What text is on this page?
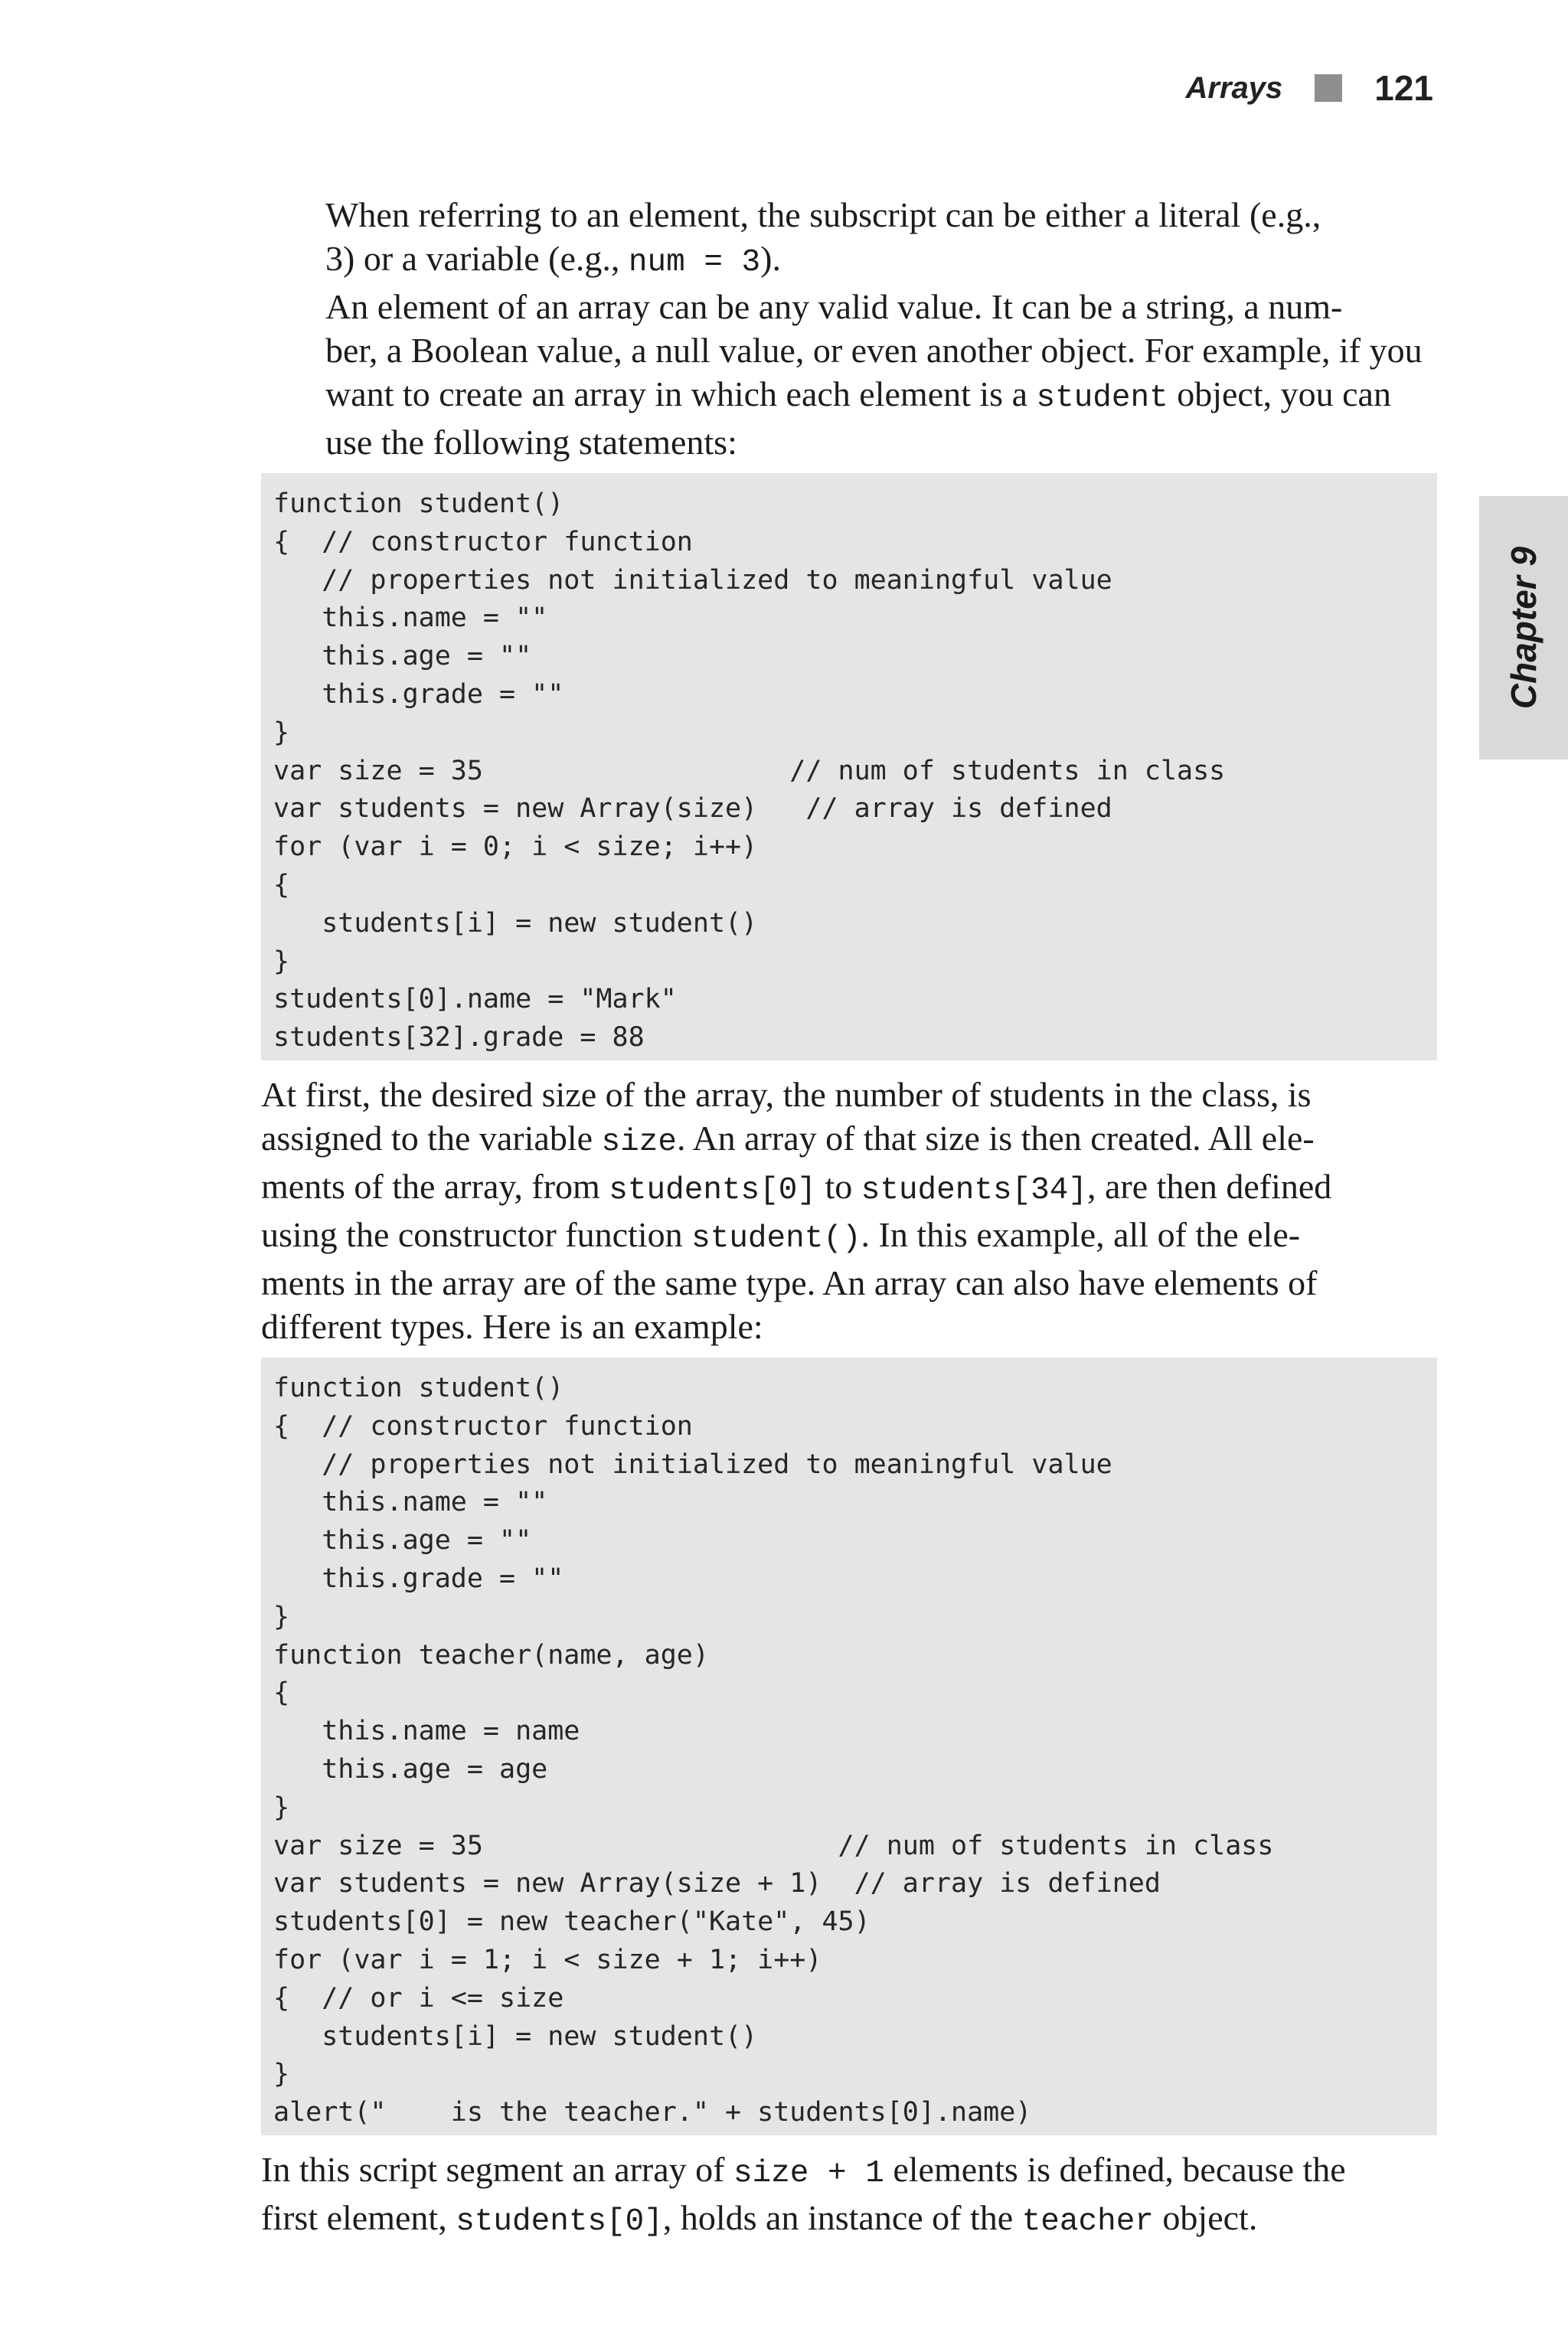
Arrays	121
Chapter 9

When referring to an element, the subscript can be either a literal (e.g.,
3) or a variable (e.g., num = 3).

An element of an array can be any valid value. It can be a string, a num-
ber, a Boolean value, a null value, or even another object. For example, if you
want to create an array in which each element is a student object, you can
use the following statements:

function student()
{  // constructor function
// properties not initialized to meaningful value
this.name = ""
this.age = ""
this.grade = ""
}
var size = 35                   // num of students in class
var students = new Array(size)   // array is defined
for (var i = 0; i < size; i++)
{
students[i] = new student()
}
students[0].name = "Mark"
students[32].grade = 88

At first, the desired size of the array, the number of students in the class, is
assigned to the variable size. An array of that size is then created. All ele-
ments of the array, from students[0] to students[34], are then defined
using the constructor function student(). In this example, all of the ele-
ments in the array are of the same type. An array can also have elements of
different types. Here is an example:

function student()
{  // constructor function
// properties not initialized to meaningful value
this.name = ""
this.age = ""
this.grade = ""
}
function teacher(name, age)
{
this.name = name
this.age = age
}
var size = 35                      // num of students in class
var students = new Array(size + 1)  // array is defined
students[0] = new teacher("Kate", 45)
for (var i = 1; i < size + 1; i++)
{  // or i <= size
students[i] = new student()
}
alert("    is the teacher." + students[0].name)

In this script segment an array of size + 1 elements is defined, because the
first element, students[0], holds an instance of the teacher object.
